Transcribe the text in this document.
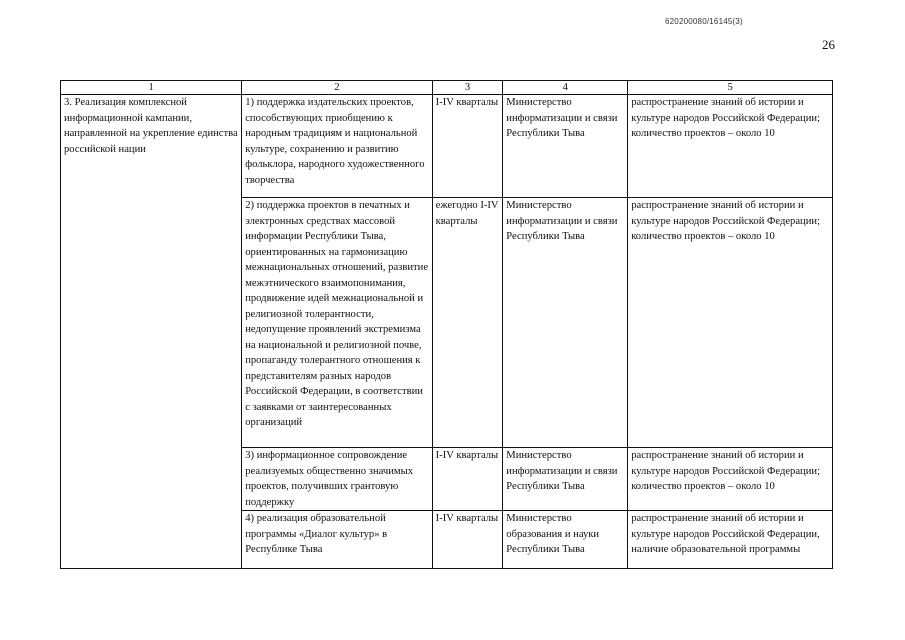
620200080/16145(3)
26
1	2	3	4	5
3. Реализация комплексной информационной кампании, направленной на укрепление единства российской нации	1) поддержка издательских проектов, способствующих приобщению к народным традициям и национальной культуре, сохранению и развитию фольклора, народного художественного творчества	I-IV кварталы	Министерство информатизации и связи Республики Тыва	распространение знаний об истории и культуре народов Российской Федерации; количество проектов – около 10
	2) поддержка проектов в печатных и электронных средствах массовой информации Республики Тыва, ориентированных на гармонизацию межнациональных отношений, развитие межэтнического взаимопонимания, продвижение идей межнациональной и религиозной толерантности, недопущение проявлений экстремизма на национальной и религиозной почве, пропаганду толерантного отношения к представителям разных народов Российской Федерации, в соответствии с заявками от заинтересованных организаций	ежегодно I-IV кварталы	Министерство информатизации и связи Республики Тыва	распространение знаний об истории и культуре народов Российской Федерации; количество проектов – около 10
	3) информационное сопровождение реализуемых общественно значимых проектов, получивших грантовую поддержку	I-IV кварталы	Министерство информатизации и связи Республики Тыва	распространение знаний об истории и культуре народов Российской Федерации; количество проектов – около 10
	4) реализация образовательной программы «Диалог культур» в Республике Тыва	I-IV кварталы	Министерство образования и науки Республики Тыва	распространение знаний об истории и культуре народов Российской Федерации, наличие образовательной программы
